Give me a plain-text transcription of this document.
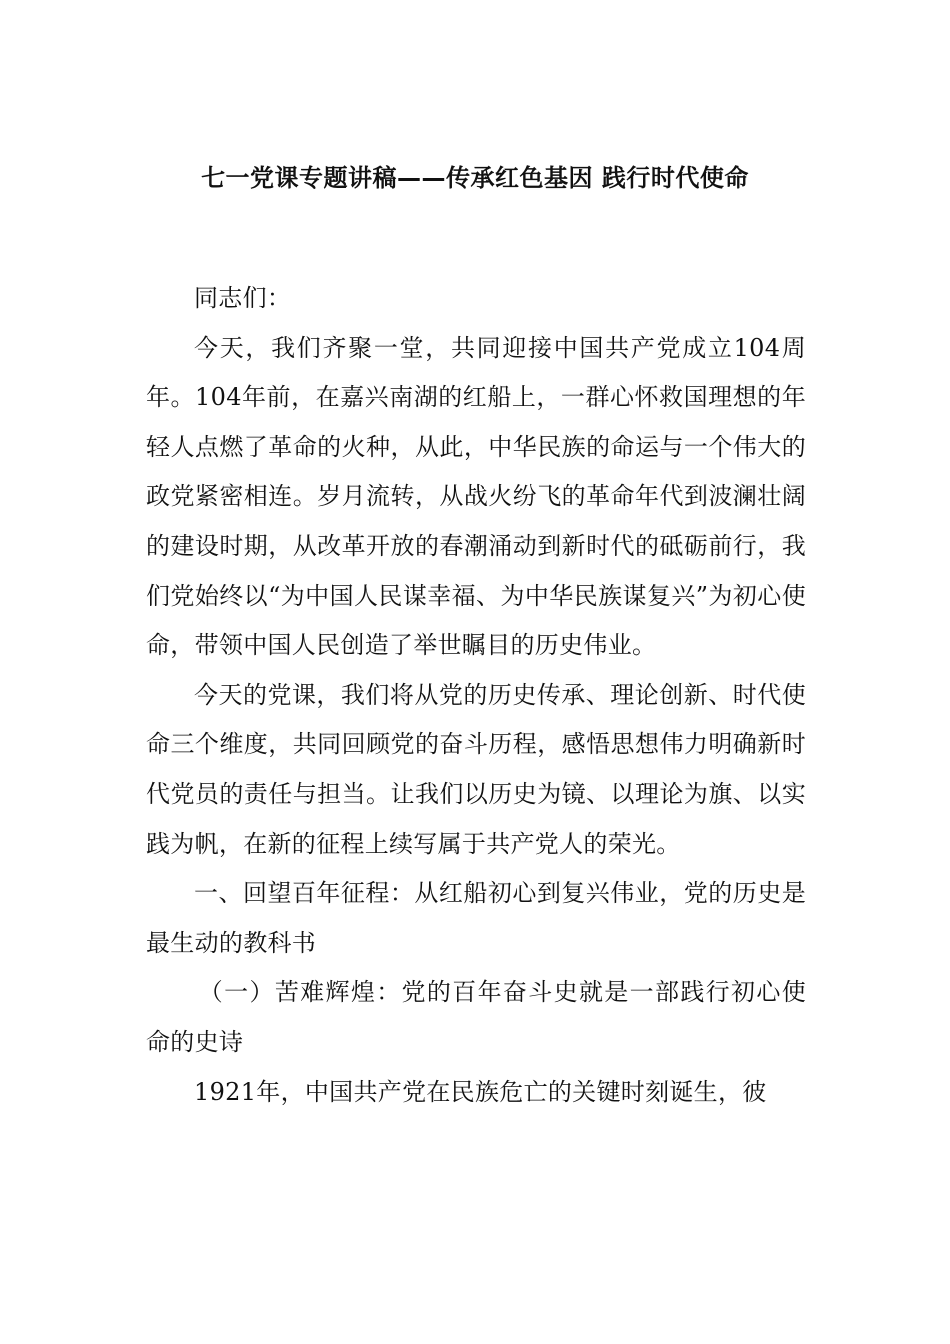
七一党课专题讲稿——传承红色基因 践行时代使命

同志们：

今天，我们齐聚一堂，共同迎接中国共产党成立104周年。104年前，在嘉兴南湖的红船上，一群心怀救国理想的年轻人点燃了革命的火种，从此，中华民族的命运与一个伟大的政党紧密相连。岁月流转，从战火纷飞的革命年代到波澜壮阔的建设时期，从改革开放的春潮涌动到新时代的砥砺前行，我们党始终以“为中国人民谋幸福、为中华民族谋复兴”为初心使命，带领中国人民创造了举世瞩目的历史伟业。

今天的党课，我们将从党的历史传承、理论创新、时代使命三个维度，共同回顾党的奋斗历程，感悟思想伟力明确新时代党员的责任与担当。让我们以历史为镜、以理论为旗、以实践为帆，在新的征程上续写属于共产党人的荣光。

一、回望百年征程：从红船初心到复兴伟业，党的历史是最生动的教科书

（一）苦难辉煌：党的百年奋斗史就是一部践行初心使命的史诗

1921年，中国共产党在民族危亡的关键时刻诞生，彼
